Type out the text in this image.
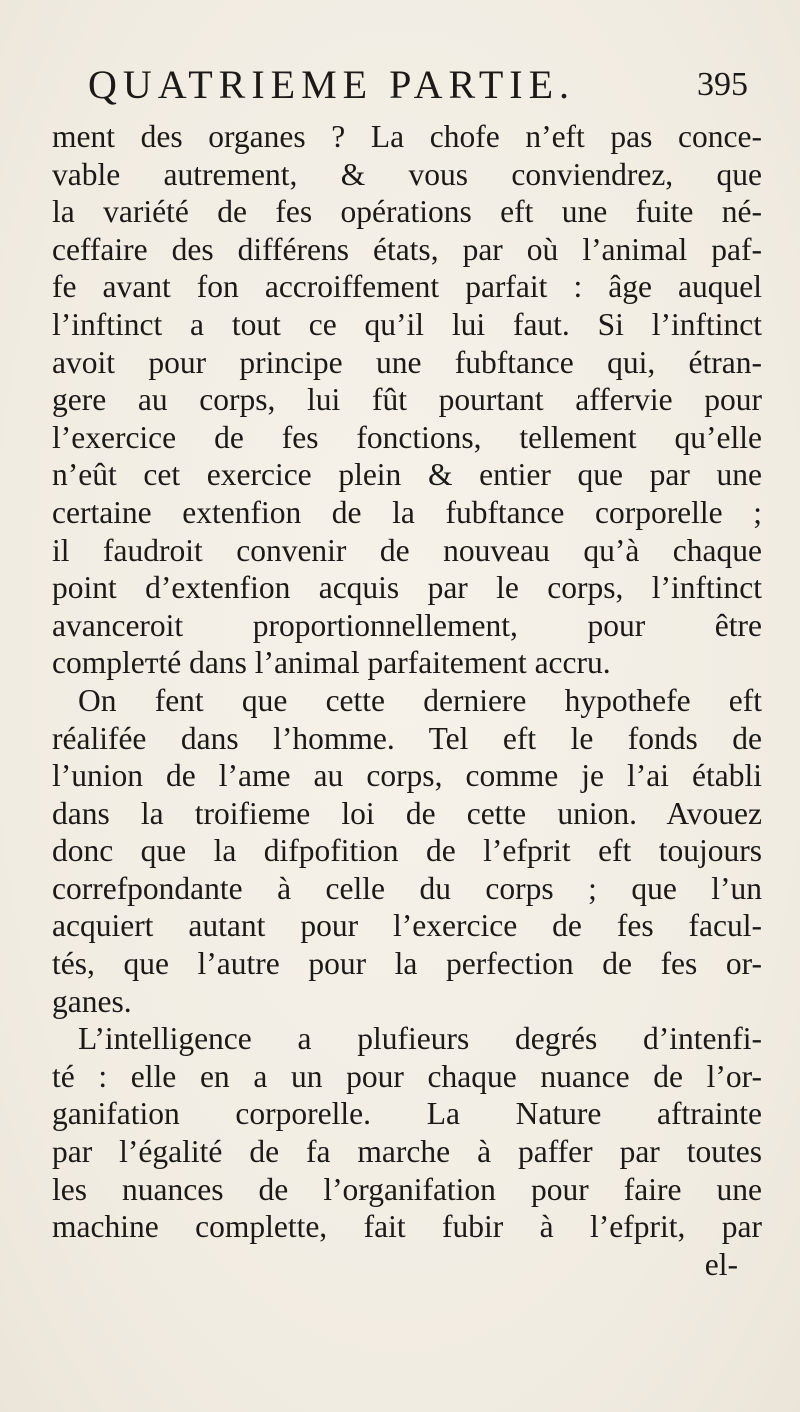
QUATRIEME PARTIE.	395
ment des organes ? La chofe n’eft pas conce-
vable autrement, & vous conviendrez, que
la variété de fes opérations eft une fuite né-
ceffaire des différens états, par où l’animal paf-
fe avant fon accroiffement parfait : âge auquel
l’inftinct a tout ce qu’il lui faut. Si l’inftinct
avoit pour principe une fubftance qui, étran-
gere au corps, lui fût pourtant affervie pour
l’exercice de fes fonctions, tellement qu’elle
n’eût cet exercice plein & entier que par une
certaine extenfion de la fubftance corporelle ;
il faudroit convenir de nouveau qu’à chaque
point d’extenfion acquis par le corps, l’inftinct
avanceroit proportionnellement, pour être
complетté dans l’animal parfaitement accru.
On fent que cette derniere hypothefe eft
réalifée dans l’homme. Tel eft le fonds de
l’union de l’ame au corps, comme je l’ai établi
dans la troifieme loi de cette union. Avouez
donc que la difpofition de l’efprit eft toujours
correfpondante à celle du corps ; que l’un
acquiert autant pour l’exercice de fes facul-
tés, que l’autre pour la perfection de fes or-
ganes.
L’intelligence a plufieurs degrés d’intenfi-
té : elle en a un pour chaque nuance de l’or-
ganifation corporelle. La Nature aftrainte
par l’égalité de fa marche à paffer par toutes
les nuances de l’organifation pour faire une
machine complette, fait fubir à l’efprit, par
el-
